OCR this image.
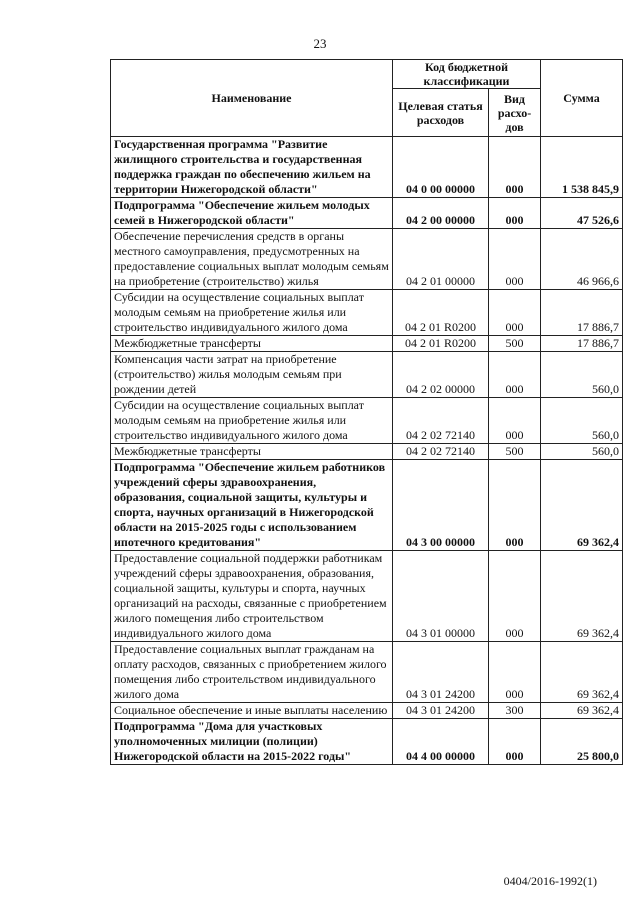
23
Наименование	Код бюджетной классификации		Сумма
	Целевая статья расходов	Вид расхо-дов	
Государственная программа "Развитие жилищного строительства и государственная поддержка граждан по обеспечению жильем на территории Нижегородской области"	04 0 00 00000	000	1 538 845,9
Подпрограмма "Обеспечение жильем молодых семей в Нижегородской области"	04 2 00 00000	000	47 526,6
Обеспечение перечисления средств в органы местного самоуправления, предусмотренных на предоставление социальных выплат молодым семьям на приобретение (строительство) жилья	04 2 01 00000	000	46 966,6
Субсидии на осуществление социальных выплат молодым семьям на приобретение жилья или строительство индивидуального жилого дома	04 2 01 R0200	000	17 886,7
Межбюджетные трансферты	04 2 01 R0200	500	17 886,7
Компенсация части затрат на приобретение (строительство) жилья молодым семьям при рождении детей	04 2 02 00000	000	560,0
Субсидии на осуществление социальных выплат молодым семьям на приобретение жилья или строительство индивидуального жилого дома	04 2 02 72140	000	560,0
Межбюджетные трансферты	04 2 02 72140	500	560,0
Подпрограмма "Обеспечение жильем работников учреждений сферы здравоохранения, образования, социальной защиты, культуры и спорта, научных организаций в Нижегородской области на 2015-2025 годы с использованием ипотечного кредитования"	04 3 00 00000	000	69 362,4
Предоставление социальной поддержки работникам учреждений сферы здравоохранения, образования, социальной защиты, культуры и спорта, научных организаций на расходы, связанные с приобретением жилого помещения либо строительством индивидуального жилого дома	04 3 01 00000	000	69 362,4
Предоставление социальных выплат гражданам на оплату расходов, связанных с приобретением жилого помещения либо строительством индивидуального жилого дома	04 3 01 24200	000	69 362,4
Социальное обеспечение и иные выплаты населению	04 3 01 24200	300	69 362,4
Подпрограмма "Дома для участковых уполномоченных милиции (полиции) Нижегородской области на 2015-2022 годы"	04 4 00 00000	000	25 800,0
0404/2016-1992(1)
